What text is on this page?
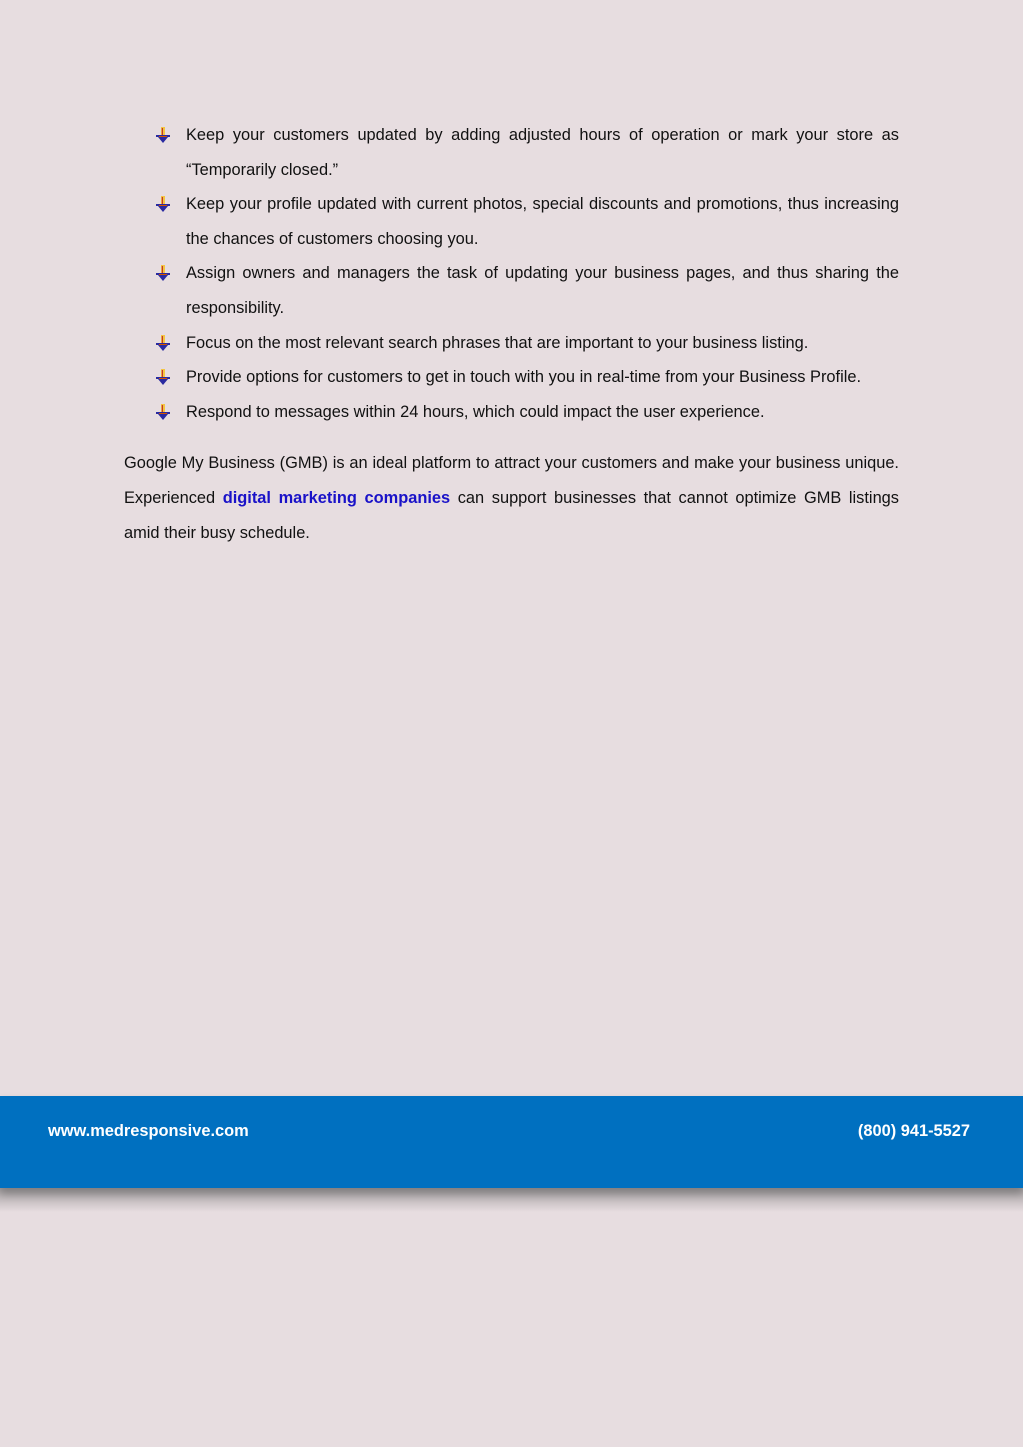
Keep your customers updated by adding adjusted hours of operation or mark your store as “Temporarily closed.”
Keep your profile updated with current photos, special discounts and promotions, thus increasing the chances of customers choosing you.
Assign owners and managers the task of updating your business pages, and thus sharing the responsibility.
Focus on the most relevant search phrases that are important to your business listing.
Provide options for customers to get in touch with you in real-time from your Business Profile.
Respond to messages within 24 hours, which could impact the user experience.

Google My Business (GMB) is an ideal platform to attract your customers and make your business unique. Experienced digital marketing companies can support businesses that cannot optimize GMB listings amid their busy schedule.

www.medresponsive.com	(800) 941-5527
